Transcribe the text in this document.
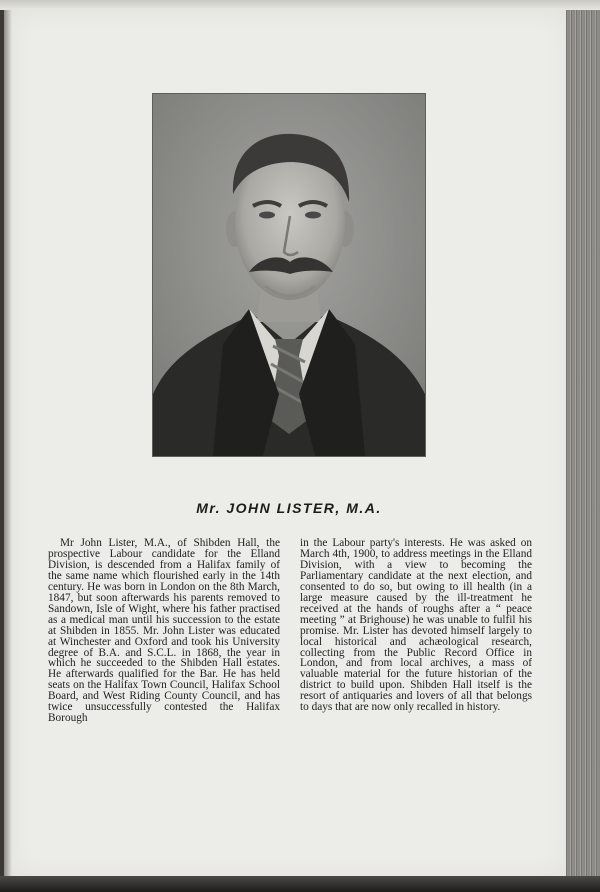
Mr. JOHN LISTER, M.A.

Mr John Lister, M.A., of Shibden Hall, the prospective Labour candidate for the Elland Division, is descended from a Halifax family of the same name which flourished early in the 14th century. He was born in London on the 8th March, 1847, but soon afterwards his parents removed to Sandown, Isle of Wight, where his father practised as a medical man until his succession to the estate at Shibden in 1855. Mr. John Lister was educated at Winchester and Oxford and took his University degree of B.A. and S.C.L. in 1868, the year in which he succeeded to the Shibden Hall estates. He afterwards qualified for the Bar. He has held seats on the Halifax Town Council, Halifax School Board, and West Riding County Council, and has twice unsuccessfully contested the Halifax Borough

in the Labour party's interests. He was asked on March 4th, 1900, to address meetings in the Elland Division, with a view to becoming the Parliamentary candidate at the next election, and consented to do so, but owing to ill health (in a large measure caused by the ill-treatment he received at the hands of roughs after a “ peace meeting ” at Brighouse) he was unable to fulfil his promise. Mr. Lister has devoted himself largely to local historical and achæological research, collecting from the Public Record Office in London, and from local archives, a mass of valuable material for the future historian of the district to build upon. Shibden Hall itself is the resort of antiquaries and lovers of all that belongs to days that are now only recalled in history.
